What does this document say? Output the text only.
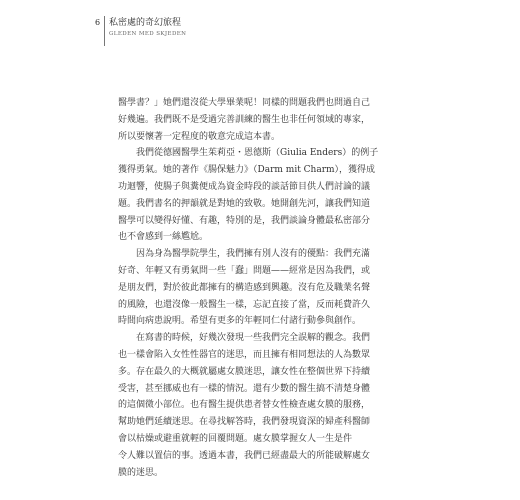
6 私密處的奇幻旅程
GLEDEN MED SKJEDEN

醫學書？」她們還沒從大學畢業呢！同樣的問題我們也問過自己
好幾遍。我們既不是受過完善訓練的醫生也非任何領域的專家，
所以要懷著一定程度的敬意完成這本書。

我們從德國醫學生茱莉亞・恩德斯（Giulia Enders）的例子
獲得勇氣。她的著作《腸保魅力》（Darm mit Charm），獲得成
功迴響，使腸子與糞便成為資金時段的談話節目供人們討論的議
題。我們書名的押韻就是對她的致敬。她開創先河，讓我們知道
醫學可以變得好懂、有趣，特別的是，我們談論身體最私密部分
也不會感到一絲尷尬。

因為身為醫學院學生，我們擁有別人沒有的優點：我們充滿
好奇、年輕又有勇氣問一些「蠢」問題——經常是因為我們，或
是朋友們，對於彼此都擁有的構造感到興趣。沒有危及職業名聲
的風險，也還沒像一般醫生一樣，忘記直接了當，反而耗費許久
時間向病患說明。希望有更多的年輕同仁付諸行動參與創作。

在寫書的時候，好幾次發現一些我們完全誤解的觀念。我們
也一樣會陷入女性性器官的迷思，而且擁有相同想法的人為數眾
多。存在最久的大概就屬處女膜迷思，讓女性在整個世界下持續
受害，甚至挪威也有一樣的情況。還有少數的醫生搞不清楚身體
的這個微小部位。也有醫生提供患者替女性檢查處女膜的服務，
幫助她們延續迷思。在尋找解答時，我們發現資深的婦產科醫師
會以枯燥或避重就輕的回覆問題。處女膜掌握女人一生是件
令人難以置信的事。透過本書，我們已經盡最大的所能破解處女
膜的迷思。
